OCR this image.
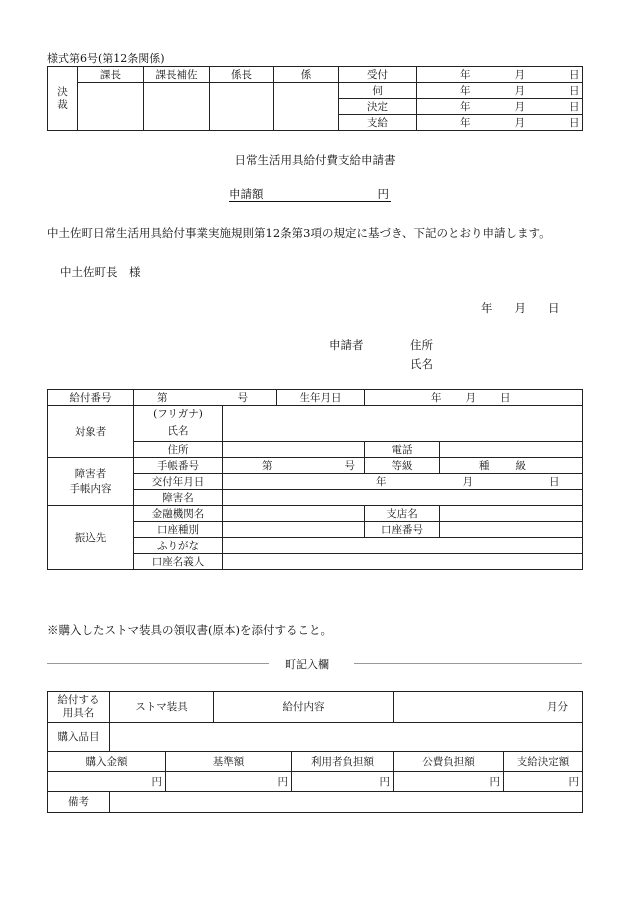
様式第6号(第12条関係)
決
裁	課長	課長補佐	係長	係	受付	年 月 日
					伺	年 月 日
					決定	年 月 日
					支給	年 月 日
日常生活用具給付費支給申請書
申請額	円
中土佐町日常生活用具給付事業実施規則第12条第3項の規定に基づき、下記のとおり申請します。
中土佐町長　様
年 月 日
申請者	住所
氏名
給付番号	第 号		生年月日	年 月 日	
対象者	(フリガナ)				
	氏名				
	住所			電話	
障害者
手帳内容	手帳番号	第 号		等級	種 級
	交付年月日	年 月 日			
	障害名				
振込先	金融機関名			支店名	
	口座種別			口座番号	
	ふりがな				
	口座名義人				
※購入したストマ装具の領収書(原本)を添付すること。
町記入欄
給付する
用具名	ストマ装具		給付内容		月分	
購入品目						
購入金額		基準額		利用者負担額	公費負担額	支給決定額
円		円		円	円	円
備考						
